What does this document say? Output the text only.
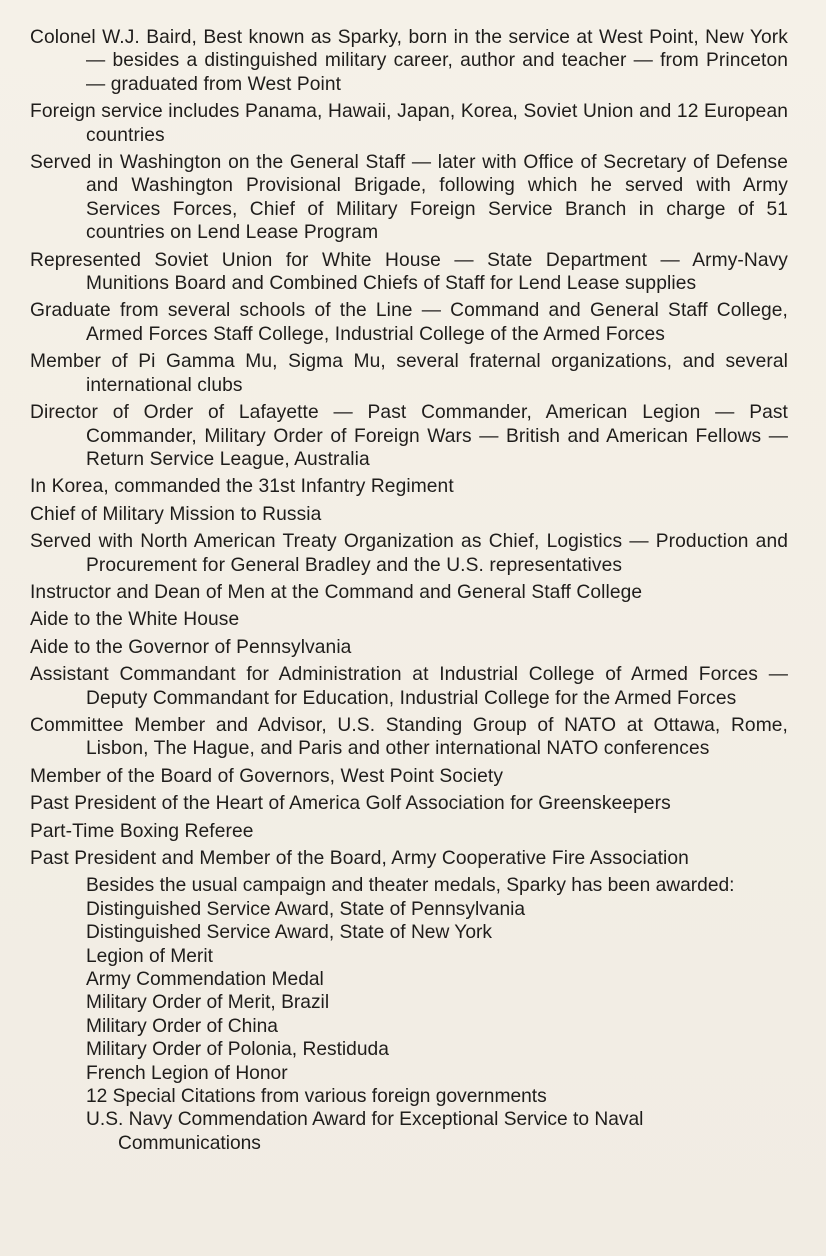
Colonel W.J. Baird, Best known as Sparky, born in the service at West Point, New York — besides a distinguished military career, author and teacher — from Princeton — graduated from West Point
Foreign service includes Panama, Hawaii, Japan, Korea, Soviet Union and 12 European countries
Served in Washington on the General Staff — later with Office of Secretary of Defense and Washington Provisional Brigade, following which he served with Army Services Forces, Chief of Military Foreign Service Branch in charge of 51 countries on Lend Lease Program
Represented Soviet Union for White House — State Department — Army-Navy Munitions Board and Combined Chiefs of Staff for Lend Lease supplies
Graduate from several schools of the Line — Command and General Staff College, Armed Forces Staff College, Industrial College of the Armed Forces
Member of Pi Gamma Mu, Sigma Mu, several fraternal organizations, and several international clubs
Director of Order of Lafayette — Past Commander, American Legion — Past Commander, Military Order of Foreign Wars — British and American Fellows — Return Service League, Australia
In Korea, commanded the 31st Infantry Regiment
Chief of Military Mission to Russia
Served with North American Treaty Organization as Chief, Logistics — Production and Procurement for General Bradley and the U.S. representatives
Instructor and Dean of Men at the Command and General Staff College
Aide to the White House
Aide to the Governor of Pennsylvania
Assistant Commandant for Administration at Industrial College of Armed Forces — Deputy Commandant for Education, Industrial College for the Armed Forces
Committee Member and Advisor, U.S. Standing Group of NATO at Ottawa, Rome, Lisbon, The Hague, and Paris and other international NATO conferences
Member of the Board of Governors, West Point Society
Past President of the Heart of America Golf Association for Greenskeepers
Part-Time Boxing Referee
Past President and Member of the Board, Army Cooperative Fire Association

Besides the usual campaign and theater medals, Sparky has been awarded:

Distinguished Service Award, State of Pennsylvania
Distinguished Service Award, State of New York
Legion of Merit
Army Commendation Medal
Military Order of Merit, Brazil
Military Order of China
Military Order of Polonia, Restiduda
French Legion of Honor
12 Special Citations from various foreign governments
U.S. Navy Commendation Award for Exceptional Service to Naval Communications
